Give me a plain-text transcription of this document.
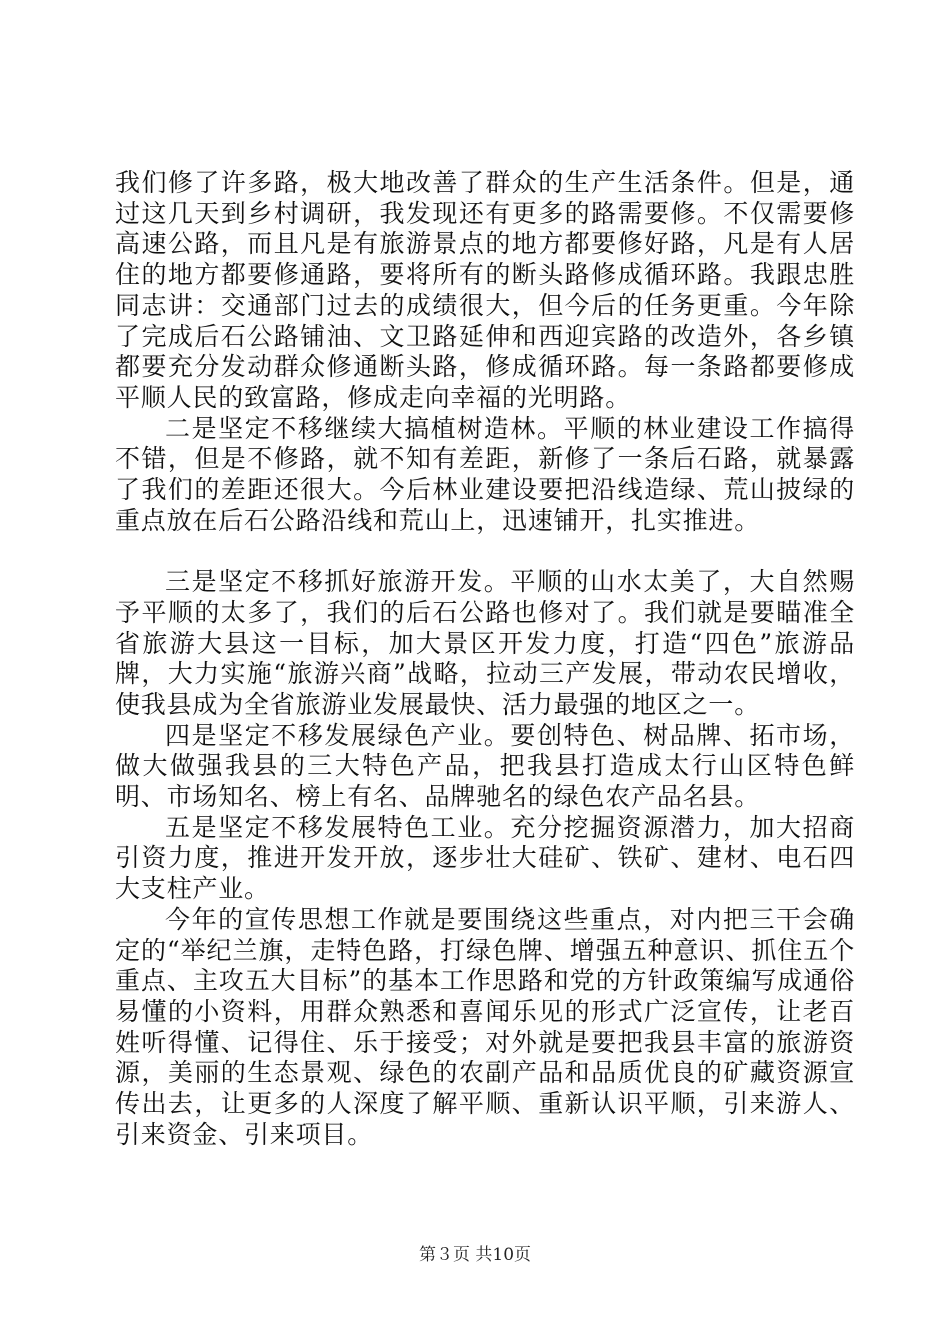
我们修了许多路，极大地改善了群众的生产生活条件。但是，通过这几天到乡村调研，我发现还有更多的路需要修。不仅需要修高速公路，而且凡是有旅游景点的地方都要修好路，凡是有人居住的地方都要修通路，要将所有的断头路修成循环路。我跟忠胜同志讲：交通部门过去的成绩很大，但今后的任务更重。今年除了完成后石公路铺油、文卫路延伸和西迎宾路的改造外，各乡镇都要充分发动群众修通断头路，修成循环路。每一条路都要修成平顺人民的致富路，修成走向幸福的光明路。

二是坚定不移继续大搞植树造林。平顺的林业建设工作搞得不错，但是不修路，就不知有差距，新修了一条后石路，就暴露了我们的差距还很大。今后林业建设要把沿线造绿、荒山披绿的重点放在后石公路沿线和荒山上，迅速铺开，扎实推进。

三是坚定不移抓好旅游开发。平顺的山水太美了，大自然赐予平顺的太多了，我们的后石公路也修对了。我们就是要瞄准全省旅游大县这一目标，加大景区开发力度，打造“四色”旅游品牌，大力实施“旅游兴商”战略，拉动三产发展，带动农民增收，使我县成为全省旅游业发展最快、活力最强的地区之一。

四是坚定不移发展绿色产业。要创特色、树品牌、拓市场，做大做强我县的三大特色产品，把我县打造成太行山区特色鲜明、市场知名、榜上有名、品牌驰名的绿色农产品名县。

五是坚定不移发展特色工业。充分挖掘资源潜力，加大招商引资力度，推进开发开放，逐步壮大硅矿、铁矿、建材、电石四大支柱产业。

今年的宣传思想工作就是要围绕这些重点，对内把三干会确定的“举纪兰旗，走特色路，打绿色牌、增强五种意识、抓住五个重点、主攻五大目标”的基本工作思路和党的方针政策编写成通俗易懂的小资料，用群众熟悉和喜闻乐见的形式广泛宣传，让老百姓听得懂、记得住、乐于接受；对外就是要把我县丰富的旅游资源，美丽的生态景观、绿色的农副产品和品质优良的矿藏资源宣传出去，让更多的人深度了解平顺、重新认识平顺，引来游人、引来资金、引来项目。

第３页 共10页
